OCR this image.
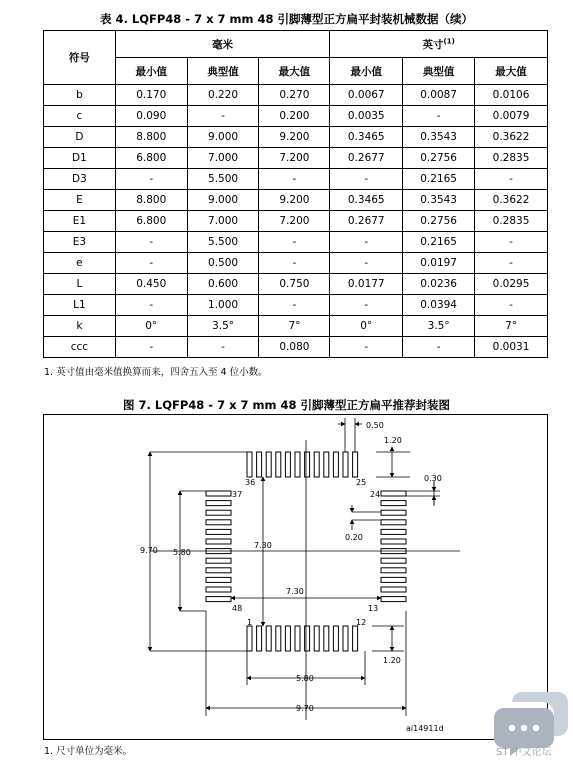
表 4. LQFP48 - 7 x 7 mm 48 引脚薄型正方扁平封装机械数据（续）
符号	毫米			英寸$^{(1)}$
	最小值	典型值	最大值	最小值	典型值	最大值
b	0.170	0.220	0.270	0.0067	0.0087	0.0106
c	0.090	-	0.200	0.0035	-	0.0079
D	8.800	9.000	9.200	0.3465	0.3543	0.3622
D1	6.800	7.000	7.200	0.2677	0.2756	0.2835
D3	-	5.500	-	-	0.2165	-
E	8.800	9.000	9.200	0.3465	0.3543	0.3622
E1	6.800	7.000	7.200	0.2677	0.2756	0.2835
E3	-	5.500	-	-	0.2165	-
e	-	0.500	-	-	0.0197	-
L	0.450	0.600	0.750	0.0177	0.0236	0.0295
L1	-	1.000	-	-	0.0394	-
k	0°	3.5°	7°	0°	3.5°	7°
ccc	-	-	0.080	-	-	0.0031
1. 英寸值由毫米值换算而来，四舍五入至 4 位小数。
图 7. LQFP48 - 7 x 7 mm 48 引脚薄型正方扁平推荐封装图
0.50
1.20
0.30
0.20
7.30
7.30
5.80
5.80
9.70
9.70
1.20
36	25
37	24
48	13
1	12
ai14911d
1. 尺寸单位为毫米。	ST 中文论坛
